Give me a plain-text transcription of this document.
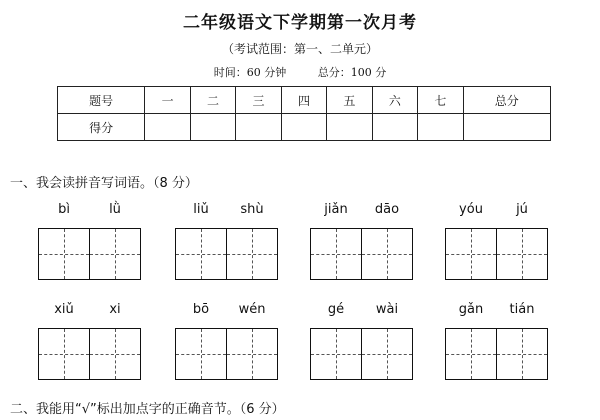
二年级语文下学期第一次月考
（考试范围：第一、二单元）
时间：60 分钟	总分：100 分
题号	一	二	三	四	五	六	七	总分
得分								
一、我会读拼音写词语。（8 分）
bì	lǜ	liǔ	shù	jiǎn	dāo	yóu	jú
xiǔ	xi	bō	wén	gé	wài	gǎn	tián
二、我能用“√”标出加点字的正确音节。（6 分）
